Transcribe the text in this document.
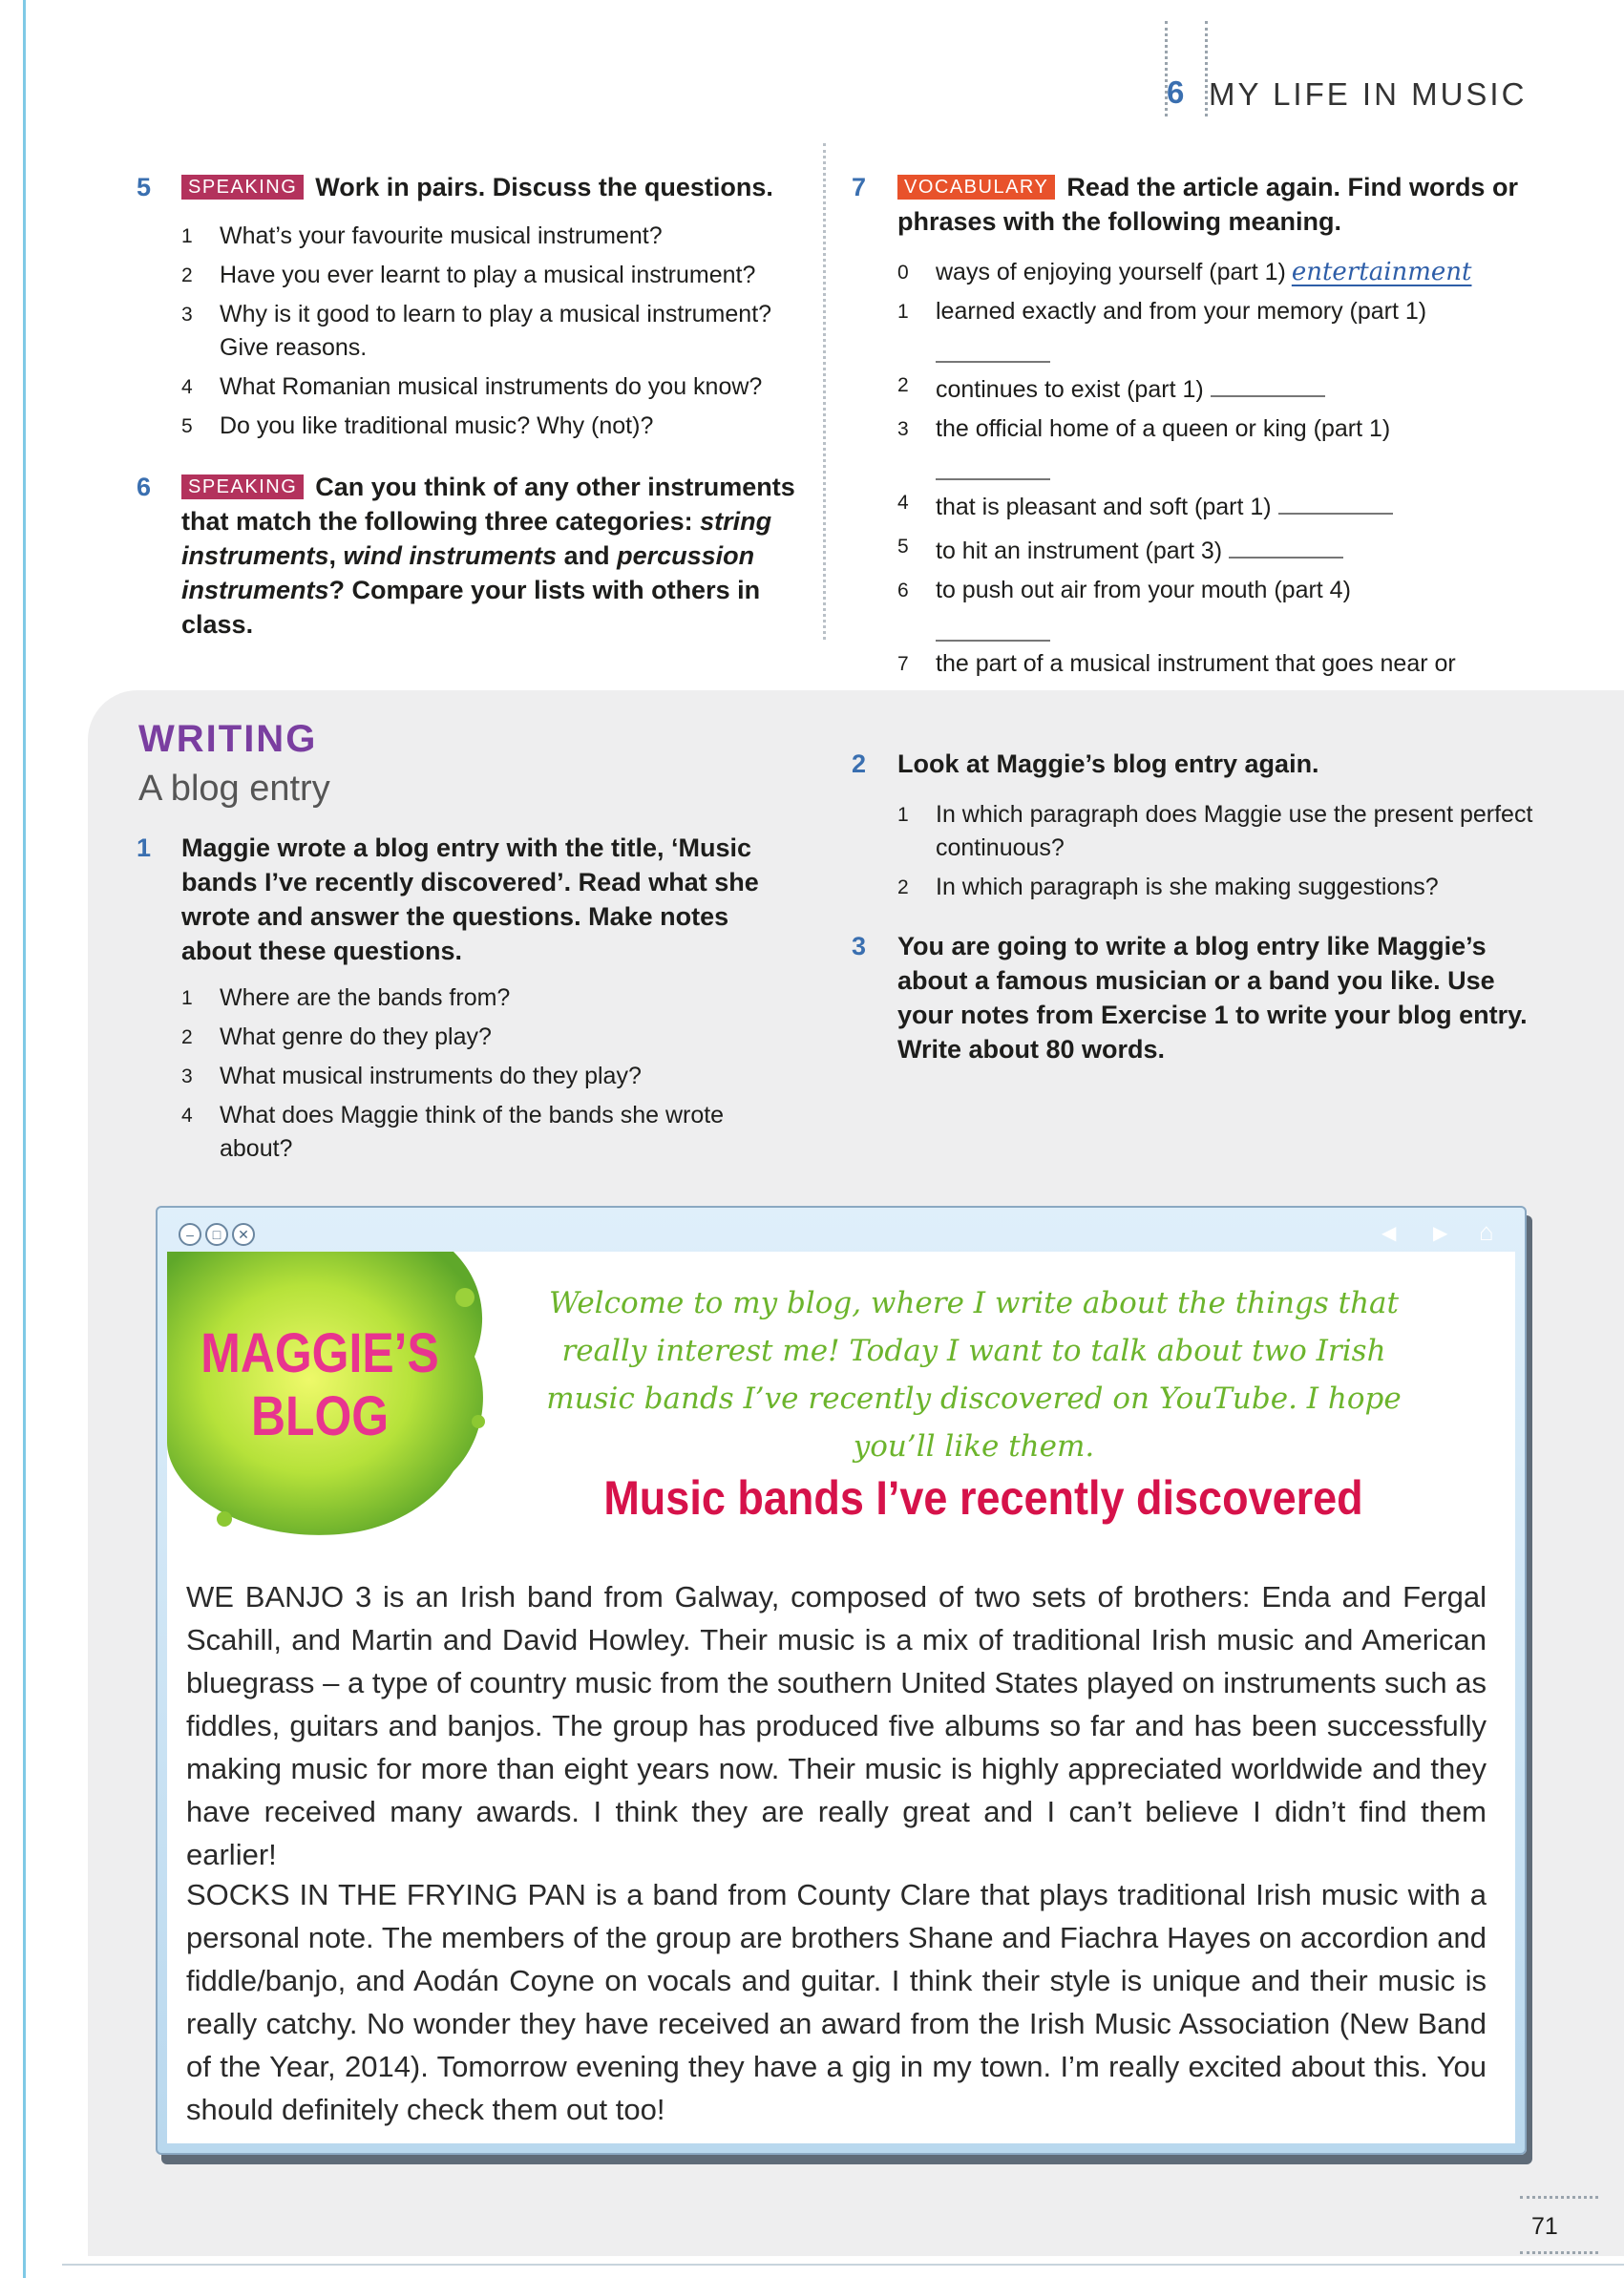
6 MY LIFE IN MUSIC
5	SPEAKING Work in pairs. Discuss the questions.
1 What’s your favourite musical instrument?
2 Have you ever learnt to play a musical instrument?
3 Why is it good to learn to play a musical instrument? Give reasons.
4 What Romanian musical instruments do you know?
5 Do you like traditional music? Why (not)?
6	SPEAKING Can you think of any other instruments that match the following three categories: string instruments, wind instruments and percussion instruments? Compare your lists with others in class.
7	VOCABULARY Read the article again. Find words or phrases with the following meaning.
0 ways of enjoying yourself (part 1) entertainment
1 learned exactly and from your memory (part 1)
2 continues to exist (part 1)
3 the official home of a queen or king (part 1)
4 that is pleasant and soft (part 1)
5 to hit an instrument (part 3)
6 to push out air from your mouth (part 4)
7 the part of a musical instrument that goes near or
WRITING
A blog entry
1 Maggie wrote a blog entry with the title, ‘Music bands I’ve recently discovered’. Read what she wrote and answer the questions. Make notes about these questions.
1 Where are the bands from?
2 What genre do they play?
3 What musical instruments do they play?
4 What does Maggie think of the bands she wrote about?
2 Look at Maggie’s blog entry again.
1 In which paragraph does Maggie use the present perfect continuous?
2 In which paragraph is she making suggestions?
3 You are going to write a blog entry like Maggie’s about a famous musician or a band you like. Use your notes from Exercise 1 to write your blog entry. Write about 80 words.
–	□	✕	◀ ▶ ⌂
MAGGIE’S
BLOG
Welcome to my blog, where I write about the things that really interest me! Today I want to talk about two Irish music bands I’ve recently discovered on YouTube. I hope you’ll like them.
Music bands I’ve recently discovered
WE BANJO 3 is an Irish band from Galway, composed of two sets of brothers: Enda and Fergal Scahill, and Martin and David Howley. Their music is a mix of traditional Irish music and American bluegrass – a type of country music from the southern United States played on instruments such as fiddles, guitars and banjos. The group has produced five albums so far and has been successfully making music for more than eight years now. Their music is highly appreciated worldwide and they have received many awards. I think they are really great and I can’t believe I didn’t find them earlier!
SOCKS IN THE FRYING PAN is a band from County Clare that plays traditional Irish music with a personal note. The members of the group are brothers Shane and Fiachra Hayes on accordion and fiddle/banjo, and Aodán Coyne on vocals and guitar. I think their style is unique and their music is really catchy. No wonder they have received an award from the Irish Music Association (New Band of the Year, 2014). Tomorrow evening they have a gig in my town. I’m really excited about this. You should definitely check them out too!
71
